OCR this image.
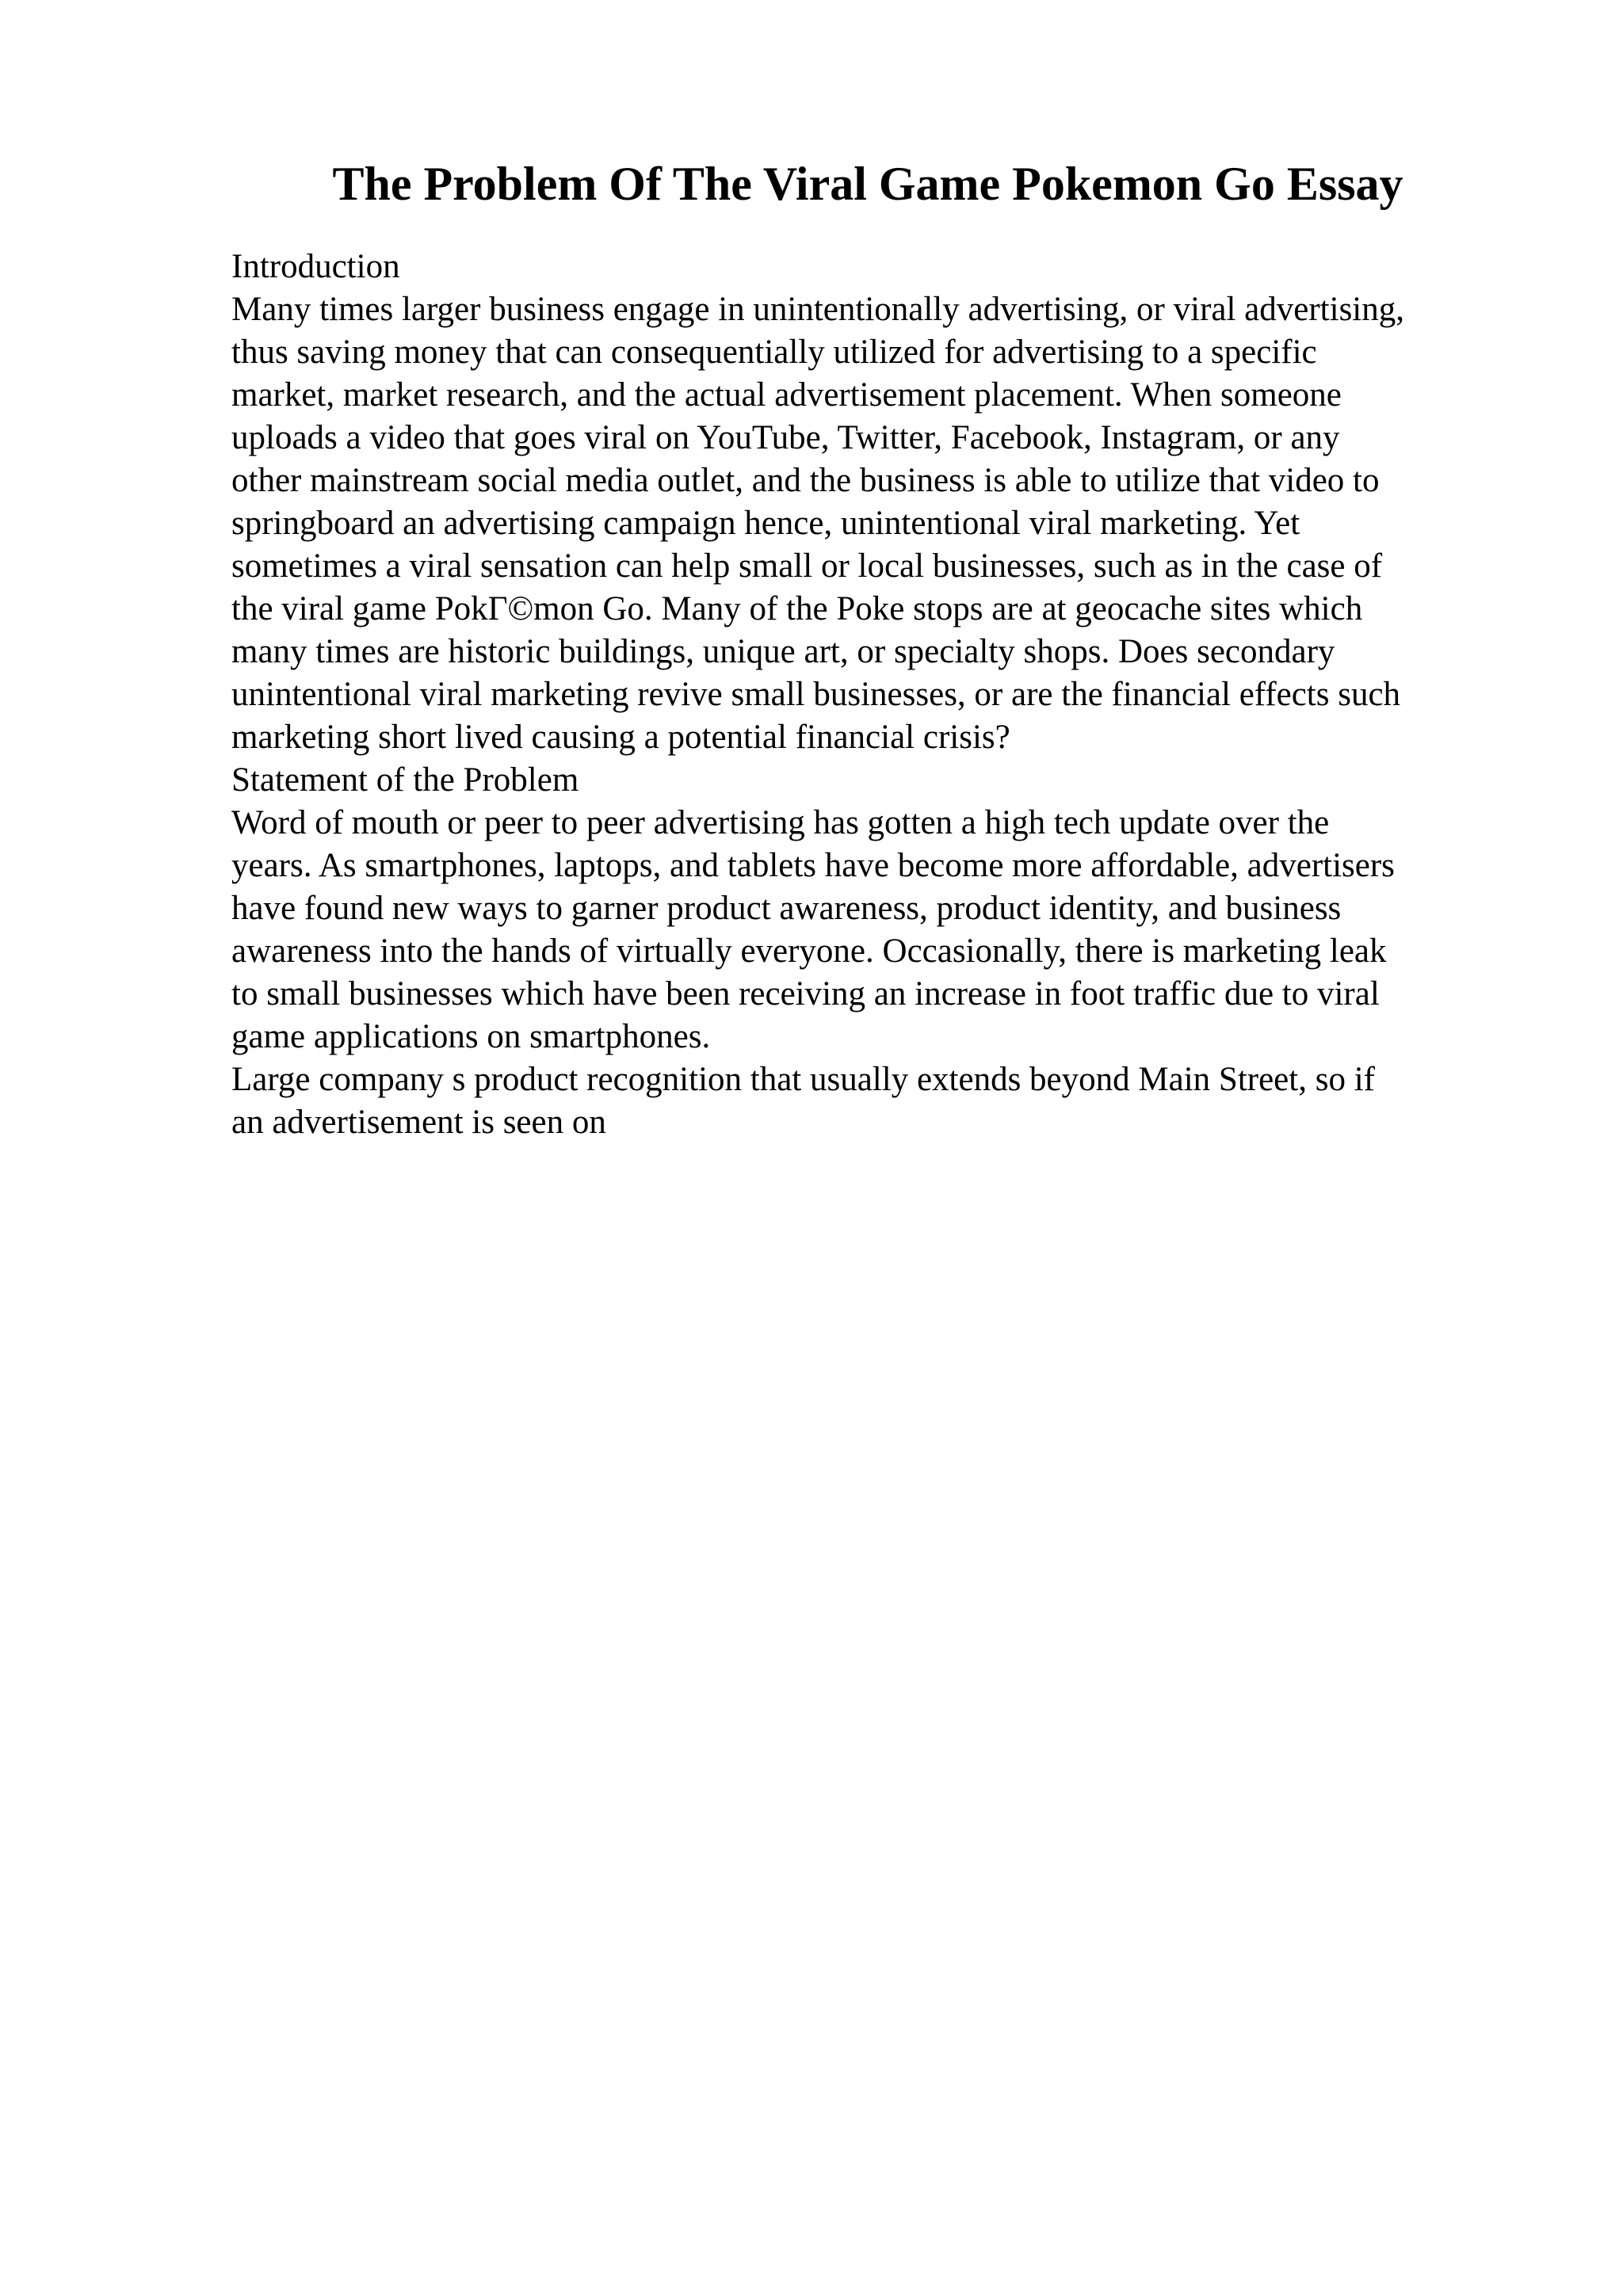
The Problem Of The Viral Game Pokemon Go Essay
Introduction
Many times larger business engage in unintentionally advertising, or viral advertising,
thus saving money that can consequentially utilized for advertising to a specific
market, market research, and the actual advertisement placement. When someone
uploads a video that goes viral on YouTube, Twitter, Facebook, Instagram, or any
other mainstream social media outlet, and the business is able to utilize that video to
springboard an advertising campaign hence, unintentional viral marketing. Yet
sometimes a viral sensation can help small or local businesses, such as in the case of
the viral game PokΓ©mon Go. Many of the Poke stops are at geocache sites which
many times are historic buildings, unique art, or specialty shops. Does secondary
unintentional viral marketing revive small businesses, or are the financial effects such
marketing short lived causing a potential financial crisis?
Statement of the Problem
Word of mouth or peer to peer advertising has gotten a high tech update over the
years. As smartphones, laptops, and tablets have become more affordable, advertisers
have found new ways to garner product awareness, product identity, and business
awareness into the hands of virtually everyone. Occasionally, there is marketing leak
to small businesses which have been receiving an increase in foot traffic due to viral
game applications on smartphones.
Large company s product recognition that usually extends beyond Main Street, so if
an advertisement is seen on
